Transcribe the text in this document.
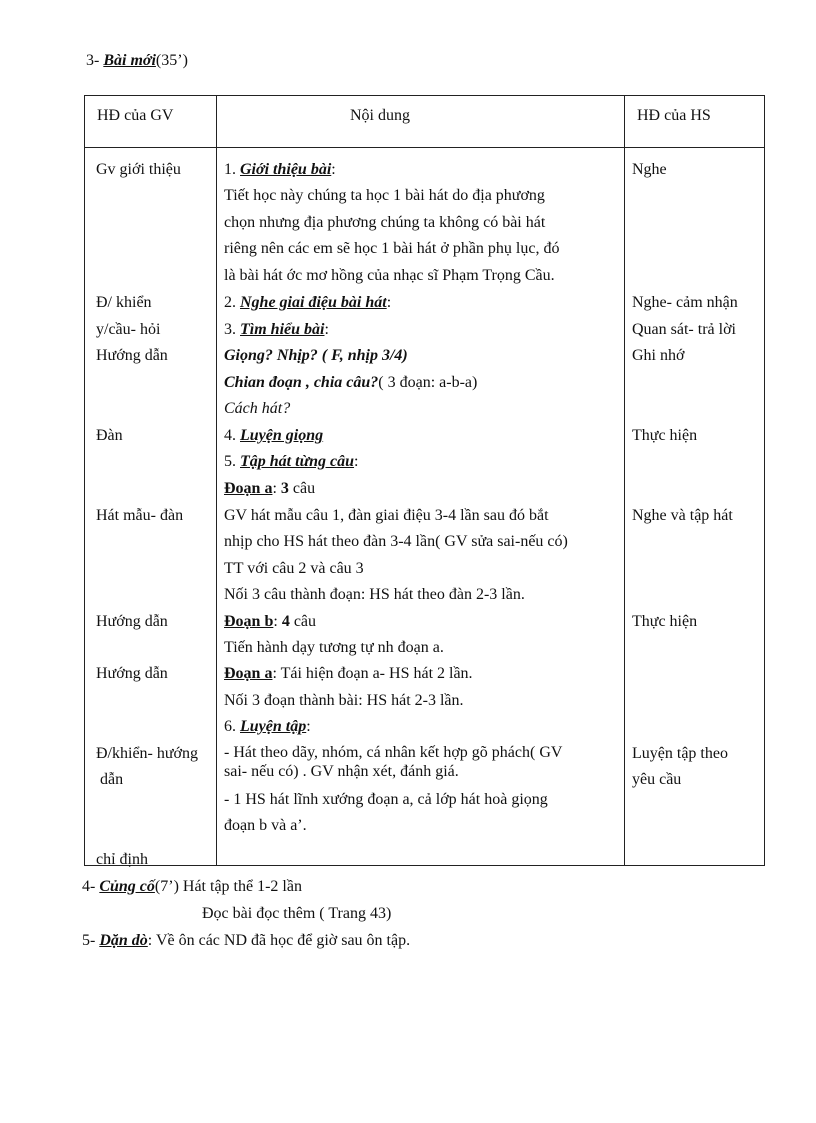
3- Bài mới(35’)
HĐ của GV	Nội dung	HĐ của HS
Gv giới thiệu
Đ/ khiển
y/cầu- hỏi
Hướng dẫn
Đàn
Hát mẫu- đàn
Hướng dẫn
Hướng dẫn
Đ/khiển- hướng
dẫn
chỉ định
1. Giới thiệu bài:
Tiết học này chúng ta học 1 bài hát do địa phương
chọn nhưng địa phương chúng ta không có bài hát
riêng nên các em sẽ học 1 bài hát ở phần phụ lục, đó
là bài hát ớc mơ hồng của nhạc sĩ Phạm Trọng Cầu.
2. Nghe giai điệu bài hát:
3. Tìm hiểu bài:
Giọng? Nhịp? ( F, nhịp 3/4)
Chian đoạn , chia câu?( 3 đoạn: a-b-a)
Cách hát?
4. Luyện giọng
5. Tập hát từng câu:
Đoạn a: 3 câu
GV hát mẫu câu 1, đàn giai điệu 3-4 lần sau đó bắt
nhịp cho HS hát theo đàn 3-4 lần( GV sửa sai-nếu có)
TT với câu 2 và câu 3
Nối 3 câu thành đoạn: HS hát theo đàn 2-3 lần.
Đoạn b: 4 câu
Tiến hành dạy tương tự nh đoạn a.
Đoạn a: Tái hiện đoạn a- HS hát 2 lần.
Nối 3 đoạn thành bài: HS hát 2-3 lần.
6. Luyện tập:
- Hát theo dãy, nhóm, cá nhân kết hợp gõ phách( GV
sai- nếu có) . GV nhận xét, đánh giá.
- 1 HS hát lĩnh xướng đoạn a, cả lớp hát hoà giọng
đoạn b và a’.
Nghe
Nghe- cảm nhận
Quan sát- trả lời
Ghi nhớ
Thực hiện
Nghe và tập hát
Thực hiện
Luyện tập theo
yêu cầu
4- Củng cố(7’) Hát tập thể 1-2 lần
Đọc bài đọc thêm ( Trang 43)
5- Dặn dò: Về ôn các ND đã học để giờ sau ôn tập.
